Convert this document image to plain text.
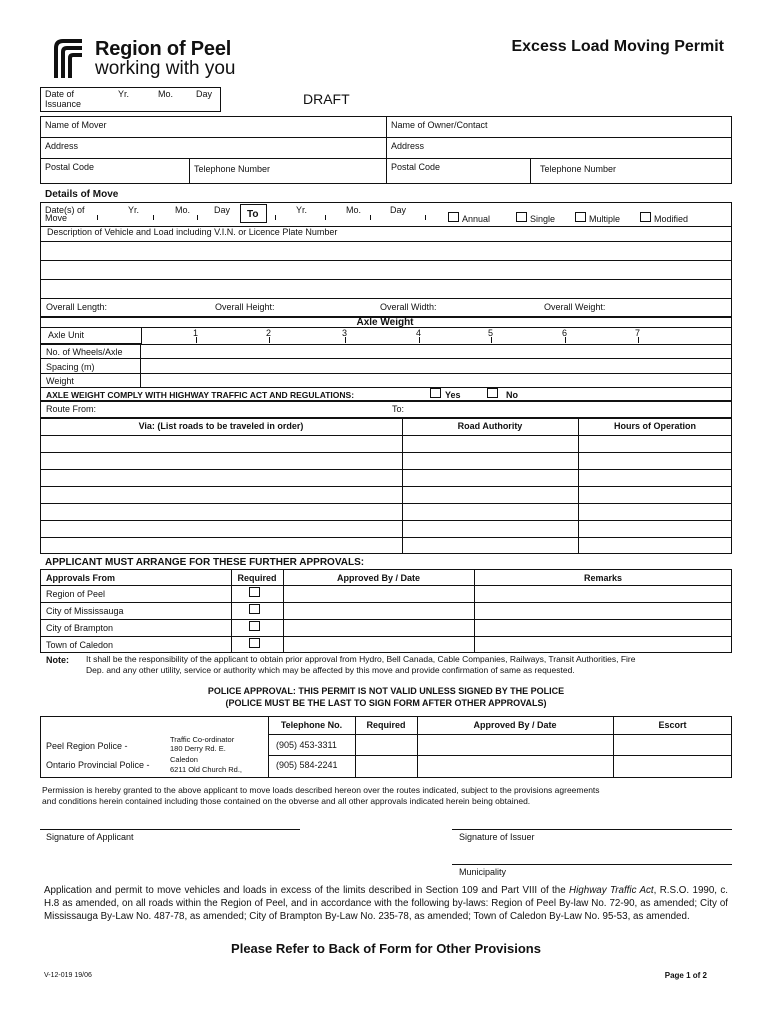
Region of Peel
working with you
Excess Load Moving Permit
DRAFT
Date of
Issuance
Yr.	Mo.	Day
Name of Mover	Name of Owner/Contact
Address	Address
Postal Code	Telephone Number	Postal Code	Telephone Number
Details of Move
Date(s) of
Move
Yr.	Mo.	Day To	Yr.	Mo.	Day
Annual	Single	Multiple	Modified
Description of Vehicle and Load including V.I.N. or Licence Plate Number
Overall Length:	Overall Height:	Overall Width:	Overall Weight:
Axle Weight
Axle Unit	1	2	3	4	5	6	7
No. of Wheels/Axle
Spacing (m)
Weight
AXLE WEIGHT COMPLY WITH HIGHWAY TRAFFIC ACT AND REGULATIONS:	Yes	No
Route From:	To:
Via: (List roads to be traveled in order)	Road Authority	Hours of Operation
APPLICANT MUST ARRANGE FOR THESE FURTHER APPROVALS:
Approvals From	Required	Approved By / Date	Remarks
Region of Peel
City of Mississauga
City of Brampton
Town of Caledon
Note: It shall be the responsibility of the applicant to obtain prior approval from Hydro, Bell Canada, Cable Companies, Railways, Transit Authorities, Fire
Dep. and any other utility, service or authority which may be affected by this move and provide confirmation of same as requested.
POLICE APPROVAL: THIS PERMIT IS NOT VALID UNLESS SIGNED BY THE POLICE
(POLICE MUST BE THE LAST TO SIGN FORM AFTER OTHER APPROVALS)
Telephone No.	Required	Approved By / Date	Escort
Peel Region Police -
Traffic Co-ordinator
180 Derry Rd. E.	(905) 453-3311
Ontario Provincial Police -
Caledon
6211 Old Church Rd.,	(905) 584-2241
Permission is hereby granted to the above applicant to move loads described hereon over the routes indicated, subject to the provisions agreements
and conditions herein contained including those contained on the obverse and all other approvals indicated herein being obtained.
Signature of Applicant	Signature of Issuer
Municipality
Application and permit to move vehicles and loads in excess of the limits described in Section 109 and Part VIII of the Highway Traffic Act, R.S.O. 1990, c. H.8 as amended, on all roads within the Region of Peel, and in accordance with the following by-laws: Region of Peel By-law No. 72-90, as amended; City of Mississauga By-Law No. 487-78, as amended; City of Brampton By-Law No. 235-78, as amended; Town of Caledon By-Law No. 95-53, as amended.
Please Refer to Back of Form for Other Provisions
V-12-019 19/06	Page 1 of 2
